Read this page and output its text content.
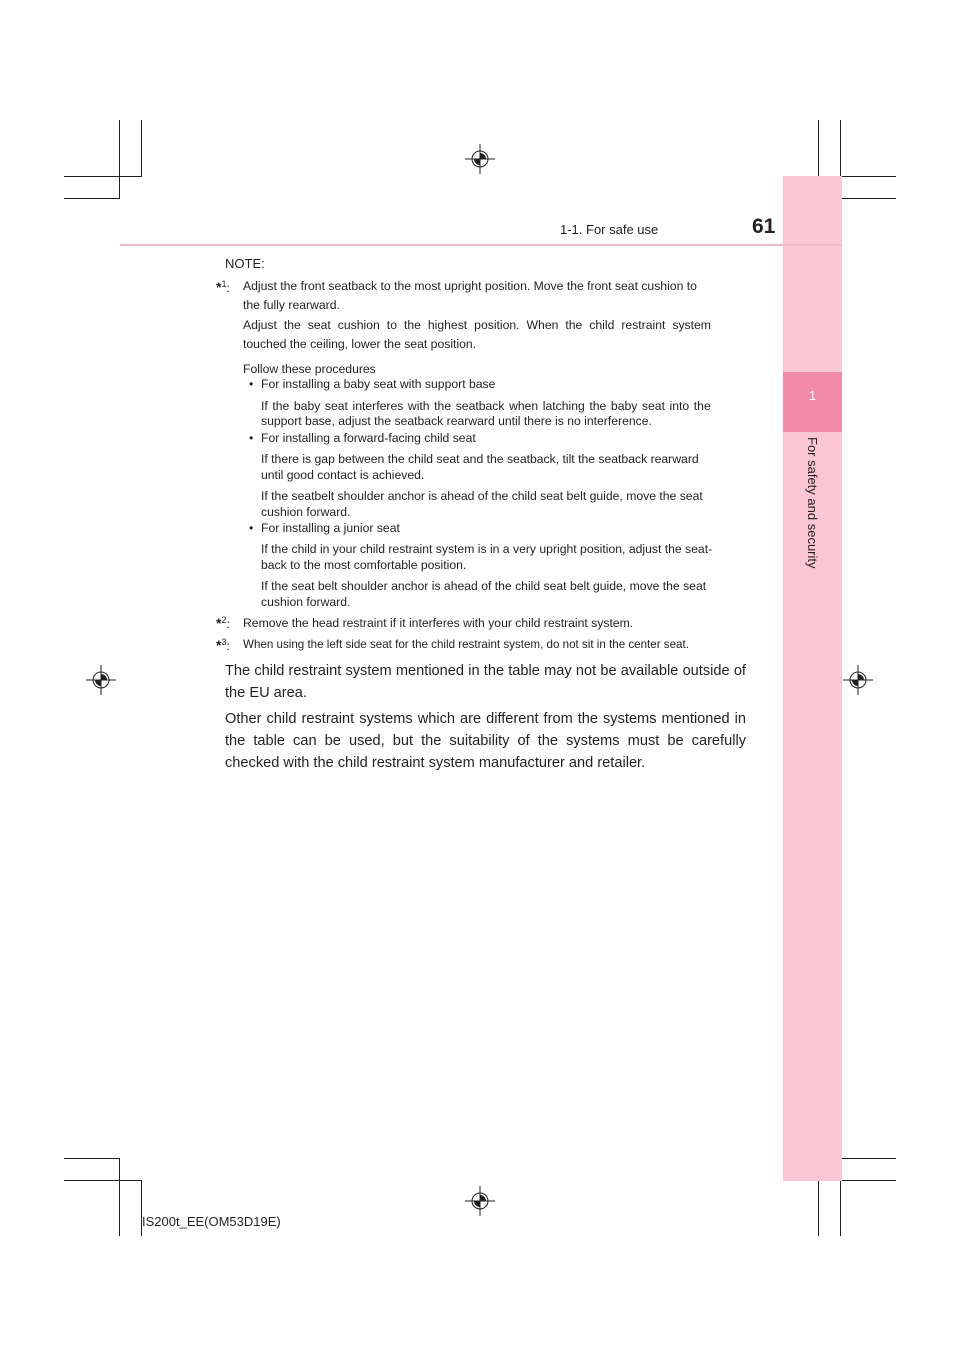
1
For safety and security
1-1. For safe use	61
NOTE:
*$^1$: Adjust the front seatback to the most upright position. Move the front seat cushion to
the fully rearward.
Adjust the seat cushion to the highest position. When the child restraint system
touched the ceiling, lower the seat position.
Follow these procedures
• For installing a baby seat with support base
If the baby seat interferes with the seatback when latching the baby seat into the
support base, adjust the seatback rearward until there is no interference.
• For installing a forward-facing child seat
If there is gap between the child seat and the seatback, tilt the seatback rearward
until good contact is achieved.
If the seatbelt shoulder anchor is ahead of the child seat belt guide, move the seat
cushion forward.
• For installing a junior seat
If the child in your child restraint system is in a very upright position, adjust the seat-
back to the most comfortable position.
If the seat belt shoulder anchor is ahead of the child seat belt guide, move the seat
cushion forward.
*$^2$: Remove the head restraint if it interferes with your child restraint system.
*$^3$: When using the left side seat for the child restraint system, do not sit in the center seat.
The child restraint system mentioned in the table may not be available outside of the EU area.
Other child restraint systems which are different from the systems mentioned in the table can be used, but the suitability of the systems must be carefully checked with the child restraint system manufacturer and retailer.
IS200t_EE(OM53D19E)
